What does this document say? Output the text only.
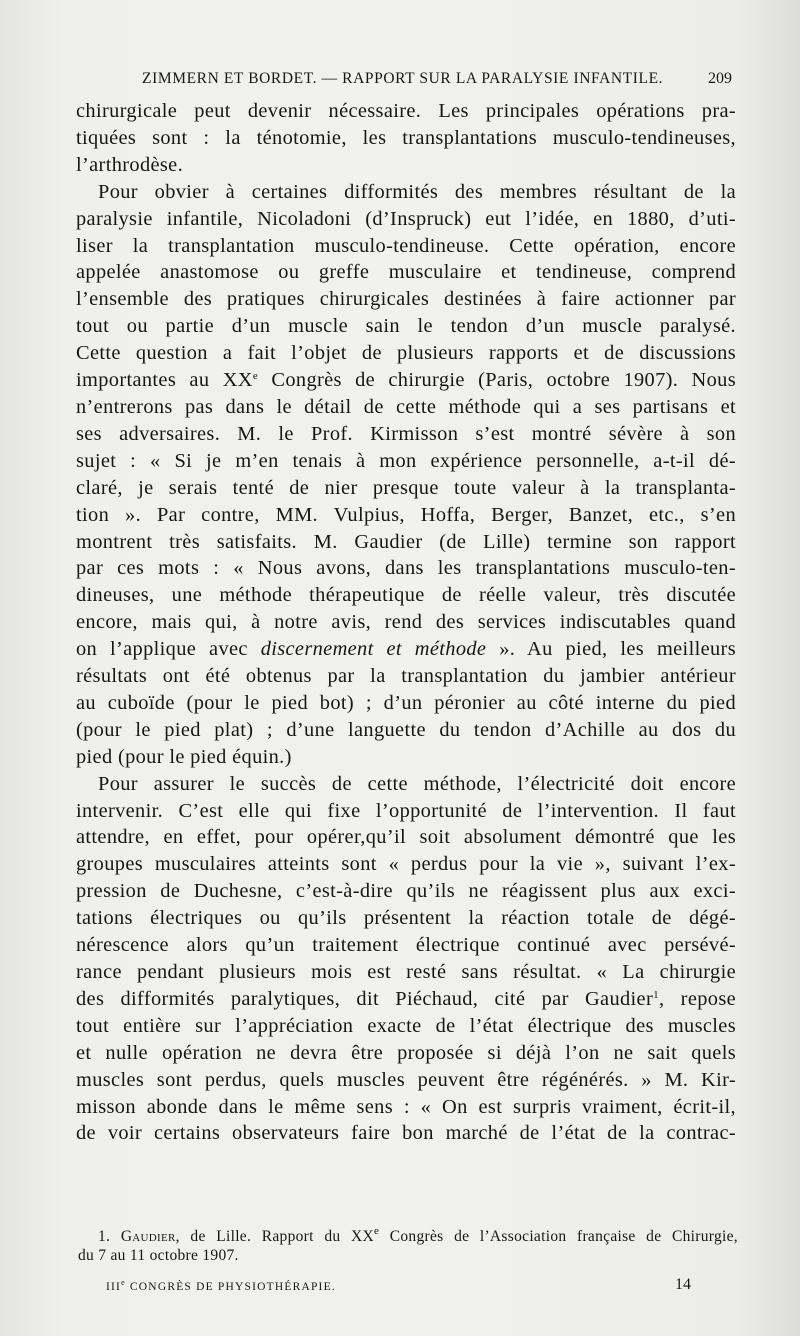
ZIMMERN ET BORDET. — RAPPORT SUR LA PARALYSIE INFANTILE.	209
chirurgicale peut devenir nécessaire. Les principales opérations pra-
tiquées sont : la ténotomie, les transplantations musculo-tendineuses,
l’arthrodèse.
Pour obvier à certaines difformités des membres résultant de la
paralysie infantile, Nicoladoni (d’Inspruck) eut l’idée, en 1880, d’uti-
liser la transplantation musculo-tendineuse. Cette opération, encore
appelée anastomose ou greffe musculaire et tendineuse, comprend
l’ensemble des pratiques chirurgicales destinées à faire actionner par
tout ou partie d’un muscle sain le tendon d’un muscle paralysé.
Cette question a fait l’objet de plusieurs rapports et de discussions
importantes au XXe Congrès de chirurgie (Paris, octobre 1907). Nous
n’entrerons pas dans le détail de cette méthode qui a ses partisans et
ses adversaires. M. le Prof. Kirmisson s’est montré sévère à son
sujet : « Si je m’en tenais à mon expérience personnelle, a-t-il dé-
claré, je serais tenté de nier presque toute valeur à la transplanta-
tion ». Par contre, MM. Vulpius, Hoffa, Berger, Banzet, etc., s’en
montrent très satisfaits. M. Gaudier (de Lille) termine son rapport
par ces mots : « Nous avons, dans les transplantations musculo-ten-
dineuses, une méthode thérapeutique de réelle valeur, très discutée
encore, mais qui, à notre avis, rend des services indiscutables quand
on l’applique avec discernement et méthode ». Au pied, les meilleurs
résultats ont été obtenus par la transplantation du jambier antérieur
au cuboïde (pour le pied bot) ; d’un péronier au côté interne du pied
(pour le pied plat) ; d’une languette du tendon d’Achille au dos du
pied (pour le pied équin.)
Pour assurer le succès de cette méthode, l’électricité doit encore
intervenir. C’est elle qui fixe l’opportunité de l’intervention. Il faut
attendre, en effet, pour opérer,qu’il soit absolument démontré que les
groupes musculaires atteints sont « perdus pour la vie », suivant l’ex-
pression de Duchesne, c’est-à-dire qu’ils ne réagissent plus aux exci-
tations électriques ou qu’ils présentent la réaction totale de dégé-
nérescence alors qu’un traitement électrique continué avec persévé-
rance pendant plusieurs mois est resté sans résultat. « La chirurgie
des difformités paralytiques, dit Piéchaud, cité par Gaudier$^1$, repose
tout entière sur l’appréciation exacte de l’état électrique des muscles
et nulle opération ne devra être proposée si déjà l’on ne sait quels
muscles sont perdus, quels muscles peuvent être régénérés. » M. Kir-
misson abonde dans le même sens : « On est surpris vraiment, écrit-il,
de voir certains observateurs faire bon marché de l’état de la contrac-
1. Gaudier, de Lille. Rapport du XXe Congrès de l’Association française de Chirurgie,
du 7 au 11 octobre 1907.
IIIe CONGRÈS DE PHYSIOTHÉRAPIE.	14
